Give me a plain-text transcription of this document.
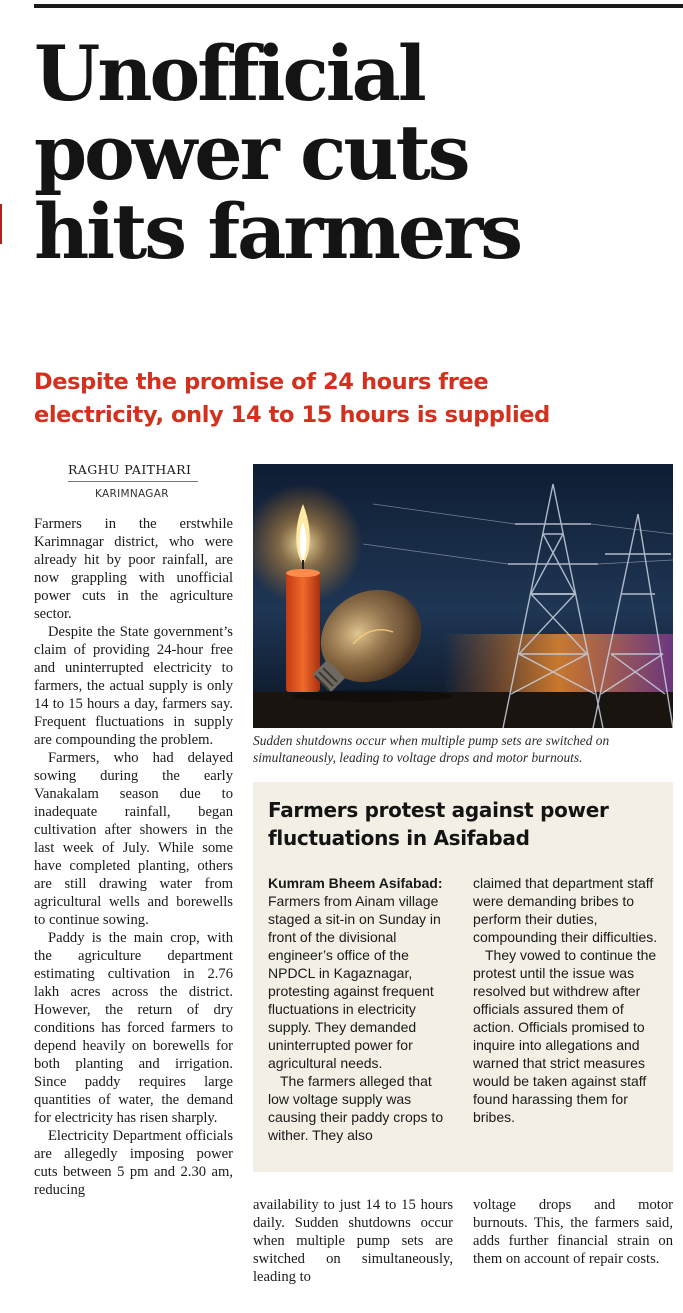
Unofficial
power cuts
hits farmers
Despite the promise of 24 hours free
electricity, only 14 to 15 hours is supplied
RAGHU PAITHARI
KARIMNAGAR

Farmers in the erstwhile Karimnagar district, who were already hit by poor rainfall, are now grappling with unofficial power cuts in the agriculture sector.

Despite the State government’s claim of providing 24-hour free and uninterrupted electricity to farmers, the actual supply is only 14 to 15 hours a day, farmers say. Frequent fluctuations in supply are compounding the problem.

Farmers, who had delayed sowing during the early Vanakalam season due to inadequate rainfall, began cultivation after showers in the last week of July. While some have completed planting, others are still drawing water from agricultural wells and borewells to continue sowing.

Paddy is the main crop, with the agriculture department estimating cultivation in 2.76 lakh acres across the district. However, the return of dry conditions has forced farmers to depend heavily on borewells for both planting and irrigation. Since paddy requires large quantities of water, the demand for electricity has risen sharply.

Electricity Department officials are allegedly imposing power cuts between 5 pm and 2.30 am, reducing

Sudden shutdowns occur when multiple pump sets are switched on simultaneously, leading to voltage drops and motor burnouts.
Farmers protest against power
fluctuations in Asifabad

Kumram Bheem Asifabad: Farmers from Ainam village staged a sit-in on Sunday in front of the divisional engineer’s office of the NPDCL in Kagaznagar, protesting against frequent fluctuations in electricity supply. They demanded uninterrupted power for agricultural needs.

The farmers alleged that low voltage supply was causing their paddy crops to wither. They also

claimed that department staff were demanding bribes to perform their duties, compounding their difficulties.

They vowed to continue the protest until the issue was resolved but withdrew after officials assured them of action. Officials promised to inquire into allegations and warned that strict measures would be taken against staff found harassing them for bribes.

availability to just 14 to 15 hours daily. Sudden shutdowns occur when multiple pump sets are switched on simultaneously, leading to

voltage drops and motor burnouts. This, the farmers said, adds further financial strain on them on account of repair costs.
